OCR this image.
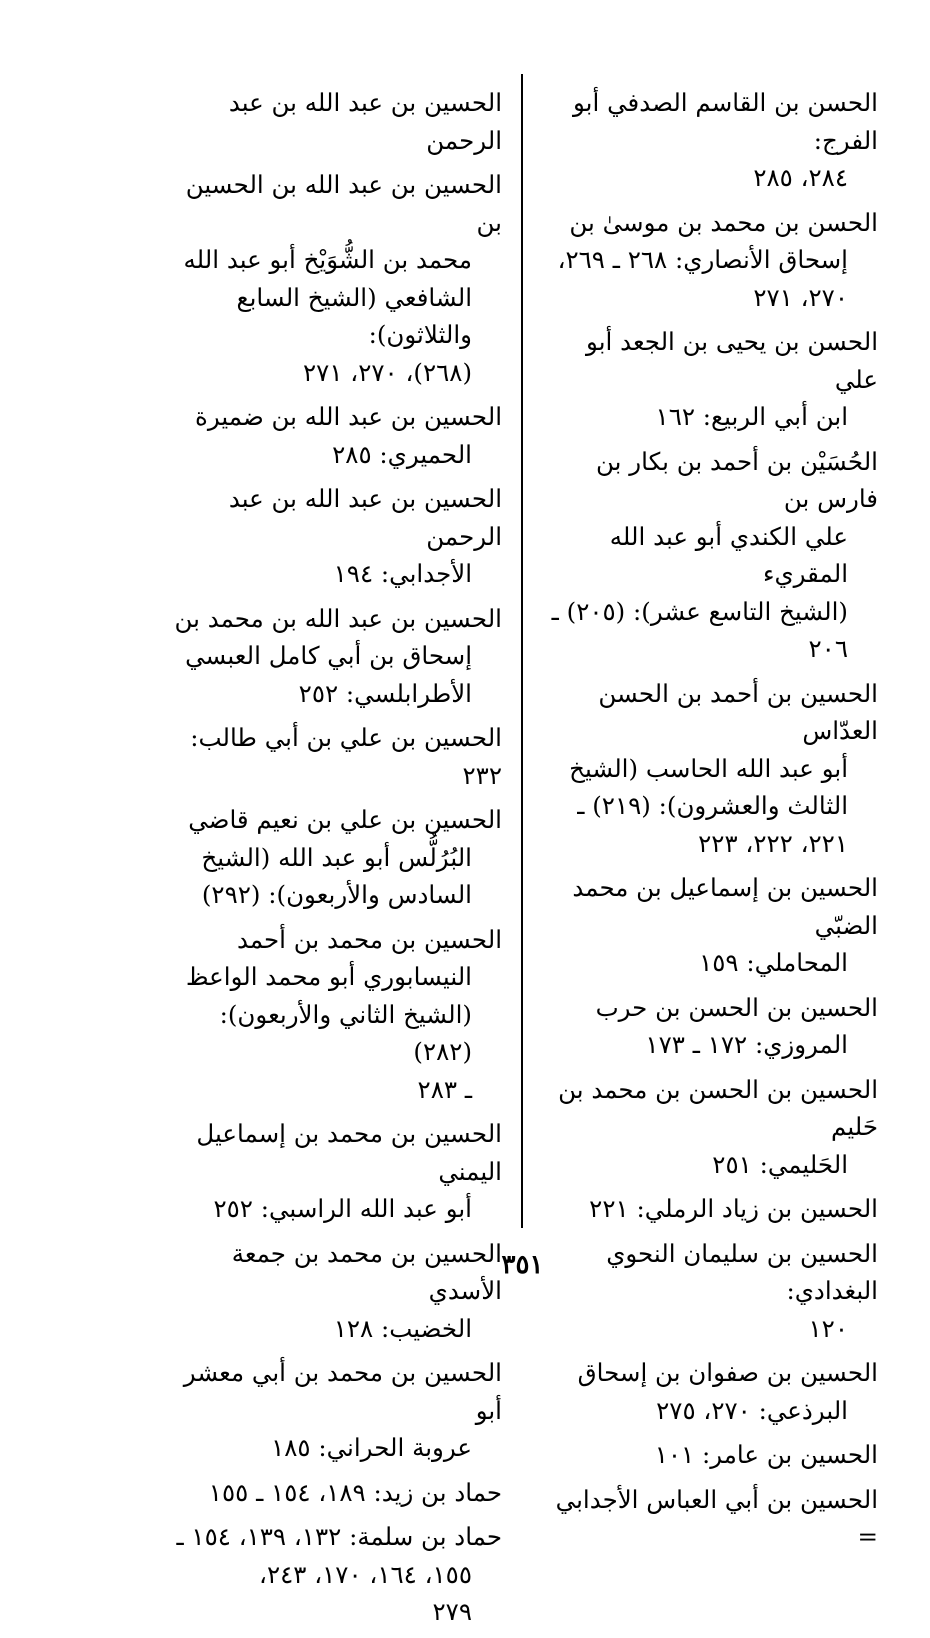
الحسن بن القاسم الصدفي أبو الفرج:
٢٨٤، ٢٨٥
الحسن بن محمد بن موسىٰ بن
إسحاق الأنصاري: ٢٦٨ ـ ٢٦٩،
٢٧٠، ٢٧١
الحسن بن يحيى بن الجعد أبو علي
ابن أبي الربيع: ١٦٢
الحُسَيْن بن أحمد بن بكار بن فارس بن
علي الكندي أبو عبد الله المقريء
(الشيخ التاسع عشر): (٢٠٥) ـ
٢٠٦
الحسين بن أحمد بن الحسن العدّاس
أبو عبد الله الحاسب (الشيخ
الثالث والعشرون): (٢١٩) ـ
٢٢١، ٢٢٢، ٢٢٣
الحسين بن إسماعيل بن محمد الضبّي
المحاملي: ١٥٩
الحسين بن الحسن بن حرب
المروزي: ١٧٢ ـ ١٧٣
الحسين بن الحسن بن محمد بن حَليم
الحَليمي: ٢٥١
الحسين بن زياد الرملي: ٢٢١
الحسين بن سليمان النحوي البغدادي:
١٢٠
الحسين بن صفوان بن إسحاق
البرذعي: ٢٧٠، ٢٧٥
الحسين بن عامر: ١٠١
الحسين بن أبي العباس الأجدابي =
الحسين بن عبد الله بن عبد الرحمن
الحسين بن عبد الله بن الحسين بن
محمد بن الشُّوَيْخ أبو عبد الله
الشافعي (الشيخ السابع والثلاثون):
(٢٦٨)، ٢٧٠، ٢٧١
الحسين بن عبد الله بن ضميرة
الحميري: ٢٨٥
الحسين بن عبد الله بن عبد الرحمن
الأجدابي: ١٩٤
الحسين بن عبد الله بن محمد بن
إسحاق بن أبي كامل العبسي
الأطرابلسي: ٢٥٢
الحسين بن علي بن أبي طالب: ٢٣٢
الحسين بن علي بن نعيم قاضي
البُرُلُّس أبو عبد الله (الشيخ
السادس والأربعون): (٢٩٢)
الحسين بن محمد بن أحمد
النيسابوري أبو محمد الواعظ
(الشيخ الثاني والأربعون): (٢٨٢)
ـ ٢٨٣
الحسين بن محمد بن إسماعيل اليمني
أبو عبد الله الراسبي: ٢٥٢
الحسين بن محمد بن جمعة الأسدي
الخضيب: ١٢٨
الحسين بن محمد بن أبي معشر أبو
عروبة الحراني: ١٨٥
حماد بن زيد: ١٨٩، ١٥٤ ـ ١٥٥
حماد بن سلمة: ١٣٢، ١٣٩، ١٥٤ ـ
١٥٥، ١٦٤، ١٧٠، ٢٤٣،
٢٧٩
٣٥١
